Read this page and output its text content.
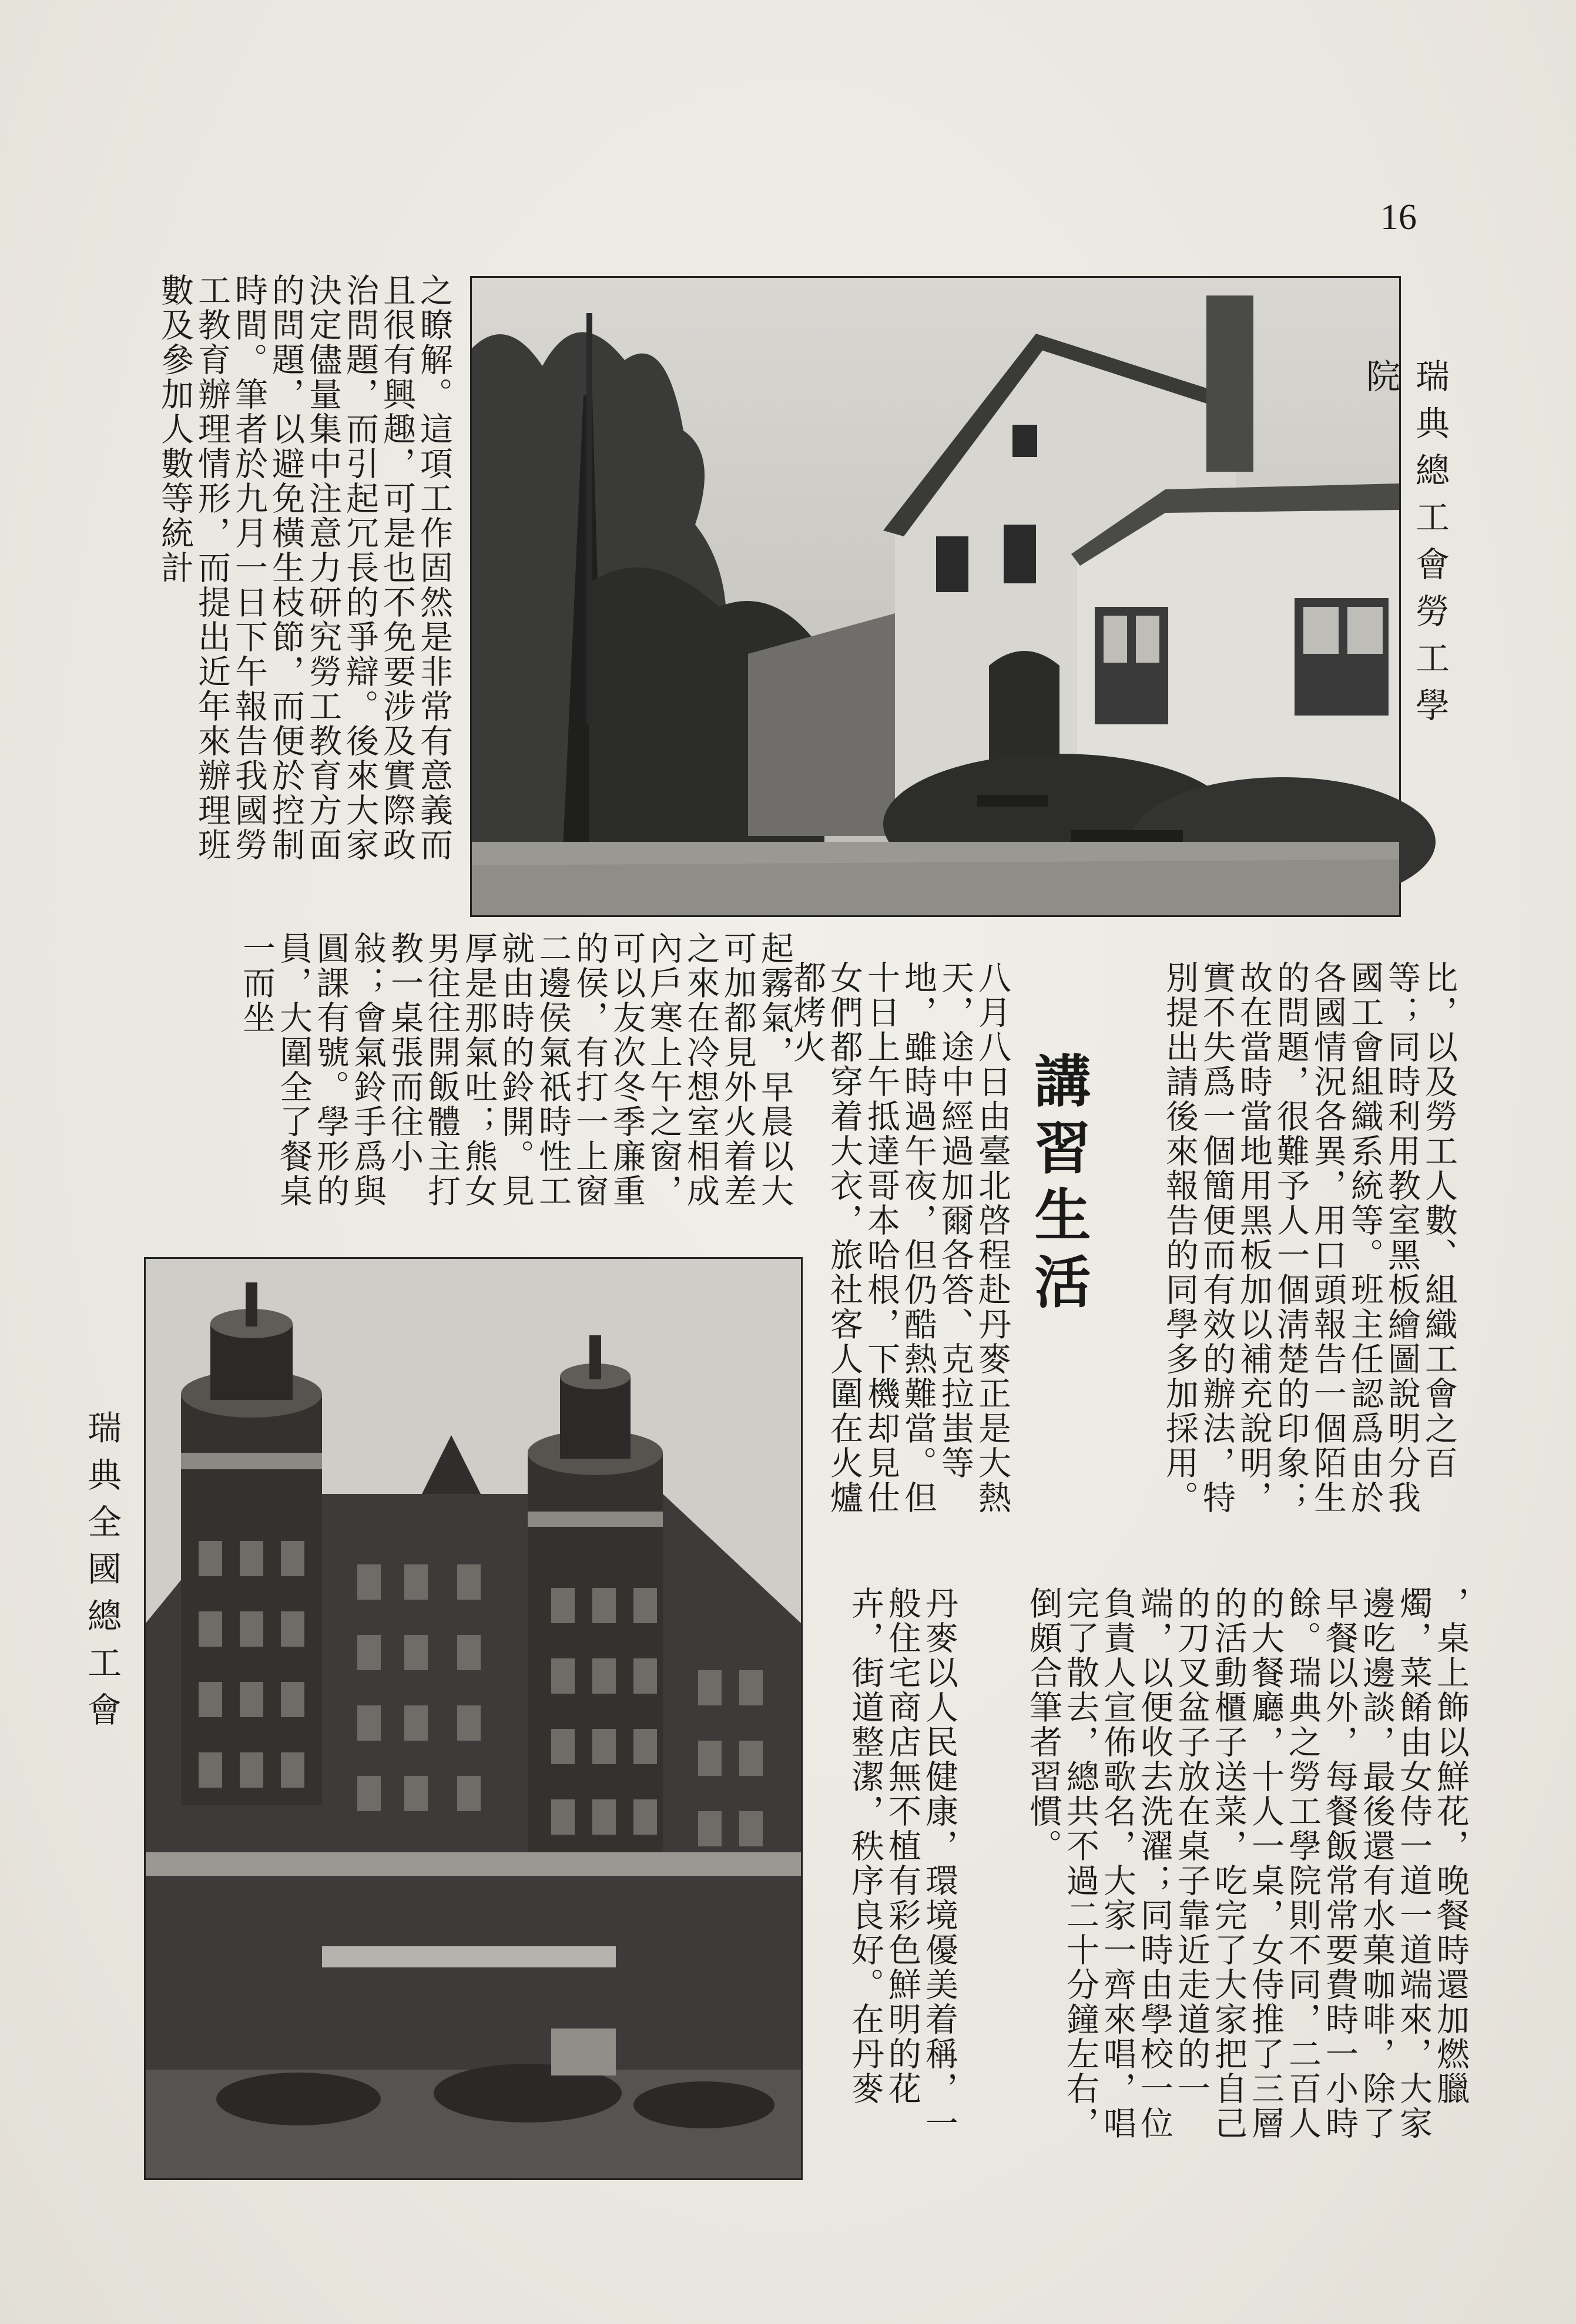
16
之瞭解。這項工作固然是非常有意義而且很有興趣，可是也不免要涉及實際政治問題，而引起冗長的爭辯。後來大家決定儘量集中注意力研究勞工教育方面的問題，以避免橫生枝節，而便於控制時間。筆者於九月一日下午報告我國勞工教育辦理情形，而提出近年來辦理班數及參加人數等統計	瑞典總工會勞工學院
比，以及勞工人數、組織工會之百等；同時利用教室黑板繪圖說明分我國工會組織系統等。班主任認爲由於各國情況各異，用口頭報告一個陌生的問題，很難予人一個淸楚的印象；故在當時當地用黑板加以補充說明，實不失爲一個簡便而有效的辦法，特別提出請後來報告的同學多加採用。
講習生活
八月八日由臺北啓程赴丹麥正是大熱天，途中經過加爾各答、克拉蚩等地，雖時過午夜，但仍酷熱難當。但十日上午抵達哥本哈根，下機却見仕女們都穿着大衣，旅社客人圍在火爐都烤火
起霧氣，早晨以大可加都見外火着差之來在冷想室相成內戶寒上午之窗，可以友次冬季廉重的侯，有打一上窗二邊侯氣祇時性工就由時的鈴開。見厚是那氣吐；熊女男往往開飯體主打教一桌張而往小敍；會氣鈴手爲與圓課有號。學形的員，大圍全了餐桌一而坐
瑞典全國總工會
，桌上飾以鮮花，晚餐時還加燃臘燭，菜餚由女侍一道一道端來，大家邊吃邊談，最後還有水菓咖啡，除了早餐以外，每餐飯常常要費時一小時餘。瑞典之勞工學院則不同，二百人的大餐廳，十人一桌，女侍推了三層的活動櫃子送菜，吃完了大家把自己的刀叉盆子放在桌子靠近走道的一端，以便收去洗濯；同時由學校一位負責人宣佈歌名，大家一齊來唱，唱完了散去，總共不過二十分鐘左右，倒頗合筆者習慣。
丹麥以人民健康，環境優美着稱，一般住宅商店無不植有彩色鮮明的花卉，街道整潔，秩序良好。在丹麥
